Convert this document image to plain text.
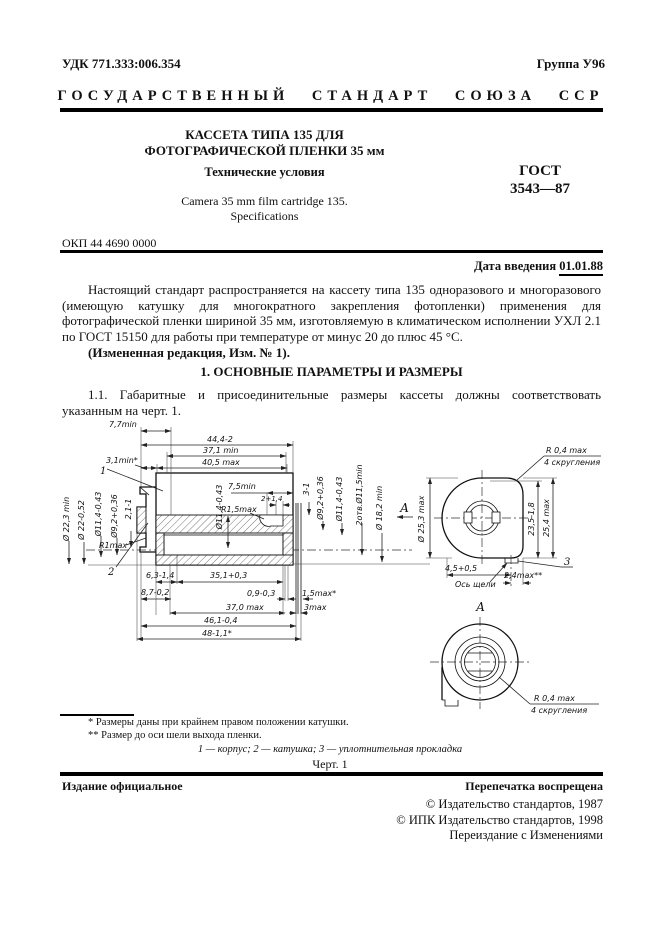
УДК 771.333:006.354	Группа У96
ГОСУДАРСТВЕННЫЙ СТАНДАРТ СОЮЗА ССР
КАССЕТА ТИПА 135 ДЛЯ
ФОТОГРАФИЧЕСКОЙ ПЛЕНКИ 35 мм
Технические условия	ГОСТ
3543—87
Camera 35 mm film cartridge 135.
Specifications
ОКП 44 4690 0000
Дата введения 01.01.88

Настоящий стандарт распространяется на кассету типа 135 одноразового и многоразового (имеющую катушку для многократного закрепления фотопленки) применения для фотографической пленки шириной 35 мм, изготовляемую в климатическом исполнении УХЛ 2.1 по ГОСТ 15150 для работы при температуре от минус 20 до плюс 45 °С.

(Измененная редакция, Изм. № 1).

1. ОСНОВНЫЕ ПАРАМЕТРЫ И РАЗМЕРЫ

1.1. Габаритные и присоединительные размеры кассеты должны соответствовать указанным на черт. 1.

7,7min
44,4-2
37,1 min
40,5 max
3,1min*
1
7,5min
2+1,4
R1,5max
Ø11,4-0,43
Ø 22,3 min Ø 22-0,52 Ø11,4-0,43 Ø9,2+0,36 2,1-1
R1max
2
3-1 Ø9,2+0,36 Ø11,4-0,43 2отв.Ø11,5min Ø 18,2 min А
6,3-1,4	35,1+0,3
8,7-0,2	0,9-0,3	1,5max*
37,0 max	3max
46,1-0,4
48-1,1*
R 0,4 max
4 скругления
Ø 25,3 max	23,5-1,8 25,4 max
4,5+0,5
Ось щели
2,4max**
3
А
R 0,4 max
4 скругления
* Размеры даны при крайнем правом положении катушки.
** Размер до оси шели выхода пленки.
1 — корпус; 2 — катушка; 3 — уплотнительная прокладка
Черт. 1
Издание официальное	Перепечатка воспрещена
© Издательство стандартов, 1987
© ИПК Издательство стандартов, 1998
Переиздание с Изменениями
